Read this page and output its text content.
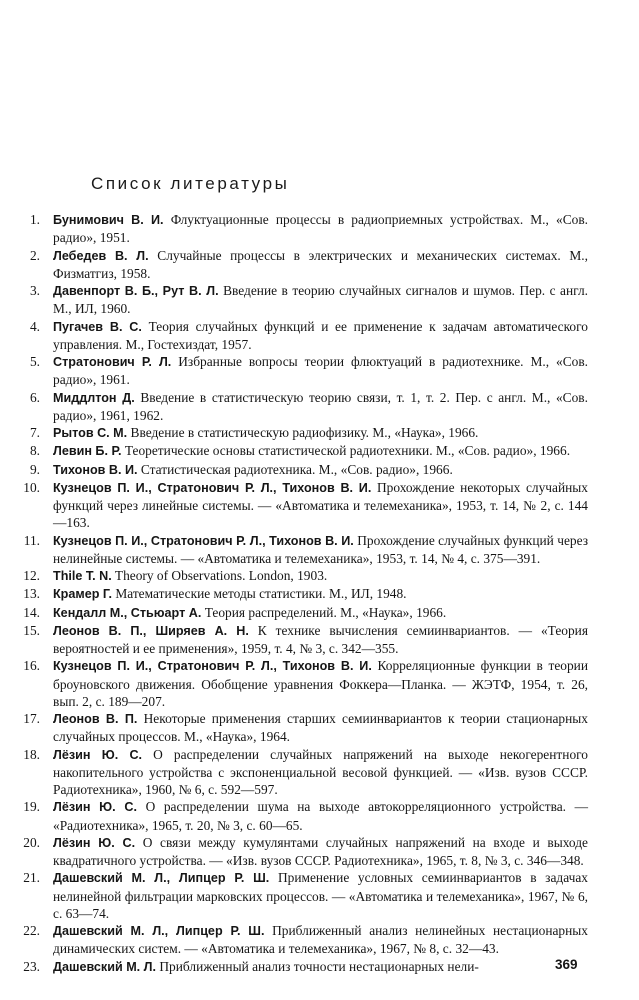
Список литературы
1. Бунимович В. И. Флуктуационные процессы в радиоприемных устройствах. М., «Сов. радио», 1951.
2. Лебедев В. Л. Случайные процессы в электрических и механических системах. М., Физматгиз, 1958.
3. Давенпорт В. Б., Рут В. Л. Введение в теорию случайных сигналов и шумов. Пер. с англ. М., ИЛ, 1960.
4. Пугачев В. С. Теория случайных функций и ее применение к задачам автоматического управления. М., Гостехиздат, 1957.
5. Стратонович Р. Л. Избранные вопросы теории флюктуаций в радиотехнике. М., «Сов. радио», 1961.
6. Миддлтон Д. Введение в статистическую теорию связи, т. 1, т. 2. Пер. с англ. М., «Сов. радио», 1961, 1962.
7. Рытов С. М. Введение в статистическую радиофизику. М., «Наука», 1966.
8. Левин Б. Р. Теоретические основы статистической радиотехники. М., «Сов. радио», 1966.
9. Тихонов В. И. Статистическая радиотехника. М., «Сов. радио», 1966.
10. Кузнецов П. И., Стратонович Р. Л., Тихонов В. И. Прохождение некоторых случайных функций через линейные системы. — «Автоматика и телемеханика», 1953, т. 14, № 2, с. 144—163.
11. Кузнецов П. И., Стратонович Р. Л., Тихонов В. И. Прохождение случайных функций через нелинейные системы. — «Автоматика и телемеханика», 1953, т. 14, № 4, с. 375—391.
12. Thile T. N. Theory of Observations. London, 1903.
13. Крамер Г. Математические методы статистики. М., ИЛ, 1948.
14. Кендалл М., Стьюарт А. Теория распределений. М., «Наука», 1966.
15. Леонов В. П., Ширяев А. Н. К технике вычисления семиинвариантов. — «Теория вероятностей и ее применения», 1959, т. 4, № 3, с. 342—355.
16. Кузнецов П. И., Стратонович Р. Л., Тихонов В. И. Корреляционные функции в теории броуновского движения. Обобщение уравнения Фоккера—Планка. — ЖЭТФ, 1954, т. 26, вып. 2, с. 189—207.
17. Леонов В. П. Некоторые применения старших семиинвариантов к теории стационарных случайных процессов. М., «Наука», 1964.
18. Лёзин Ю. С. О распределении случайных напряжений на выходе некогерентного накопительного устройства с экспоненциальной весовой функцией. — «Изв. вузов СССР. Радиотехника», 1960, № 6, с. 592—597.
19. Лёзин Ю. С. О распределении шума на выходе автокорреляционного устройства. — «Радиотехника», 1965, т. 20, № 3, с. 60—65.
20. Лёзин Ю. С. О связи между кумулянтами случайных напряжений на входе и выходе квадратичного устройства. — «Изв. вузов СССР. Радиотехника», 1965, т. 8, № 3, с. 346—348.
21. Дашевский М. Л., Липцер Р. Ш. Применение условных семиинвариантов в задачах нелинейной фильтрации марковских процессов. — «Автоматика и телемеханика», 1967, № 6, с. 63—74.
22. Дашевский М. Л., Липцер Р. Ш. Приближенный анализ нелинейных нестационарных динамических систем. — «Автоматика и телемеханика», 1967, № 8, с. 32—43.
23. Дашевский М. Л. Приближенный анализ точности нестационарных нели-	369
